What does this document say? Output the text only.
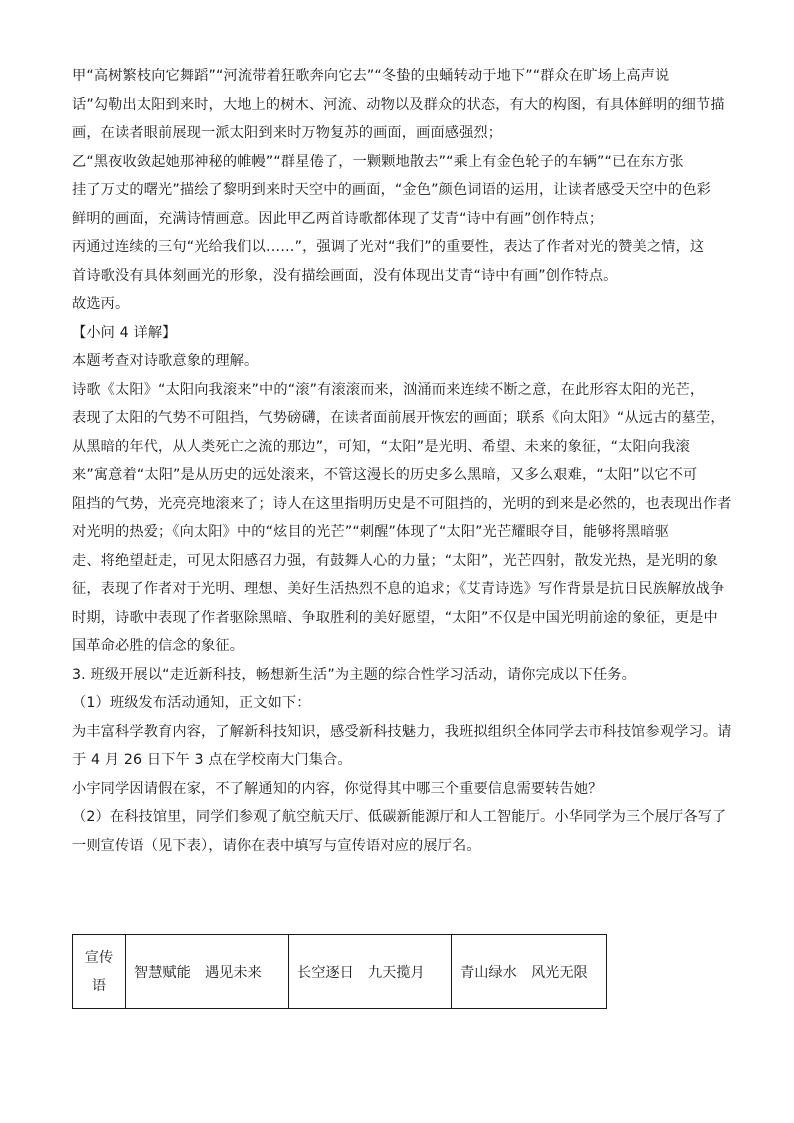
甲“高树繁枝向它舞蹈”“河流带着狂歌奔向它去”“冬蛰的虫蛹转动于地下”“群众在旷场上高声说

话”勾勒出太阳到来时，大地上的树木、河流、动物以及群众的状态，有大的构图，有具体鲜明的细节描

画，在读者眼前展现一派太阳到来时万物复苏的画面，画面感强烈；

乙“黑夜收敛起她那神秘的帷幔”“群星倦了，一颗颗地散去”“乘上有金色轮子的车辆”“已在东方张

挂了万丈的曙光”描绘了黎明到来时天空中的画面，“金色”颜色词语的运用，让读者感受天空中的色彩

鲜明的画面，充满诗情画意。因此甲乙两首诗歌都体现了艾青“诗中有画”创作特点；

丙通过连续的三句“光给我们以……”，强调了光对“我们”的重要性，表达了作者对光的赞美之情，这

首诗歌没有具体刻画光的形象，没有描绘画面，没有体现出艾青“诗中有画”创作特点。

故选丙。

【小问 4 详解】

本题考查对诗歌意象的理解。

诗歌《太阳》“太阳向我滚来”中的“滚”有滚滚而来，汹涌而来连续不断之意，在此形容太阳的光芒，

表现了太阳的气势不可阻挡，气势磅礴，在读者面前展开恢宏的画面；联系《向太阳》“从远古的墓茔，

从黑暗的年代，从人类死亡之流的那边”，可知，“太阳”是光明、希望、未来的象征，“太阳向我滚

来”寓意着“太阳”是从历史的远处滚来，不管这漫长的历史多么黑暗，又多么艰难，“太阳”以它不可

阻挡的气势，光亮亮地滚来了；诗人在这里指明历史是不可阻挡的，光明的到来是必然的，也表现出作者

对光明的热爱；《向太阳》中的“炫目的光芒”“刺醒”体现了“太阳”光芒耀眼夺目，能够将黑暗驱

走、将绝望赶走，可见太阳感召力强，有鼓舞人心的力量；“太阳”，光芒四射，散发光热，是光明的象

征，表现了作者对于光明、理想、美好生活热烈不息的追求；《艾青诗选》写作背景是抗日民族解放战争

时期，诗歌中表现了作者驱除黑暗、争取胜利的美好愿望，“太阳”不仅是中国光明前途的象征，更是中

国革命必胜的信念的象征。

3. 班级开展以“走近新科技，畅想新生活”为主题的综合性学习活动，请你完成以下任务。

（1）班级发布活动通知，正文如下：

为丰富科学教育内容，了解新科技知识，感受新科技魅力，我班拟组织全体同学去市科技馆参观学习。请

于 4 月 26 日下午 3 点在学校南大门集合。

小宇同学因请假在家，不了解通知的内容，你觉得其中哪三个重要信息需要转告她？

（2）在科技馆里，同学们参观了航空航天厅、低碳新能源厅和人工智能厅。小华同学为三个展厅各写了

一则宣传语（见下表），请你在表中填写与宣传语对应的展厅名。

宣传
语	智慧赋能　遇见未来	长空逐日　九天揽月	青山绿水　风光无限
